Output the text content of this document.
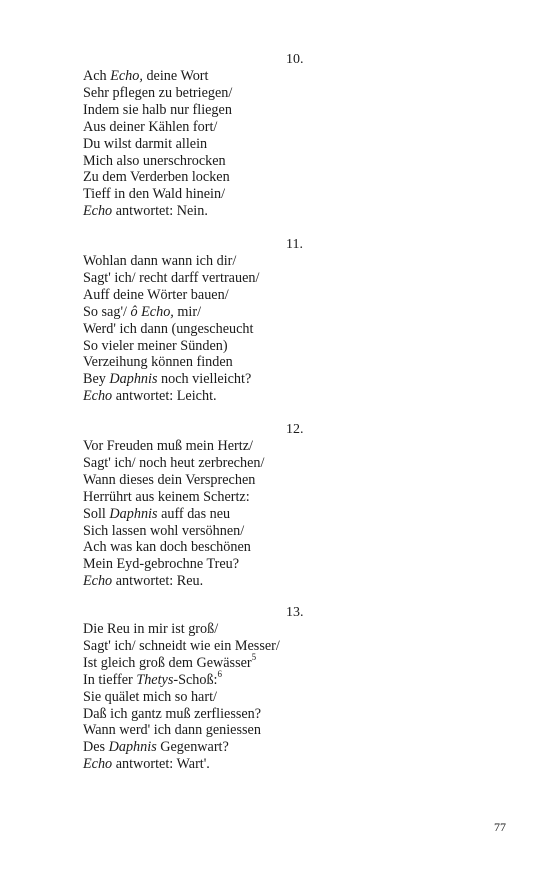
10.
Ach Echo, deine Wort
Sehr pflegen zu betriegen/
Indem sie halb nur fliegen
Aus deiner Kählen fort/
Du wilst darmit allein
Mich also unerschrocken
Zu dem Verderben locken
Tieff in den Wald hinein/
Echo antwortet: Nein.
11.
Wohlan dann wann ich dir/
Sagt' ich/ recht darff vertrauen/
Auff deine Wörter bauen/
So sag'/ ô Echo, mir/
Werd' ich dann (ungescheucht
So vieler meiner Sünden)
Verzeihung können finden
Bey Daphnis noch vielleicht?
Echo antwortet: Leicht.
12.
Vor Freuden muß mein Hertz/
Sagt' ich/ noch heut zerbrechen/
Wann dieses dein Versprechen
Herrührt aus keinem Schertz:
Soll Daphnis auff das neu
Sich lassen wohl versöhnen/
Ach was kan doch beschönen
Mein Eyd-gebrochne Treu?
Echo antwortet: Reu.
13.
Die Reu in mir ist groß/
Sagt' ich/ schneidt wie ein Messer/
Ist gleich groß dem Gewässer$^5$
In tieffer Thetys-Schoß:$^6$
Sie quälet mich so hart/
Daß ich gantz muß zerfliessen?
Wann werd' ich dann geniessen
Des Daphnis Gegenwart?
Echo antwortet: Wart'.
77
